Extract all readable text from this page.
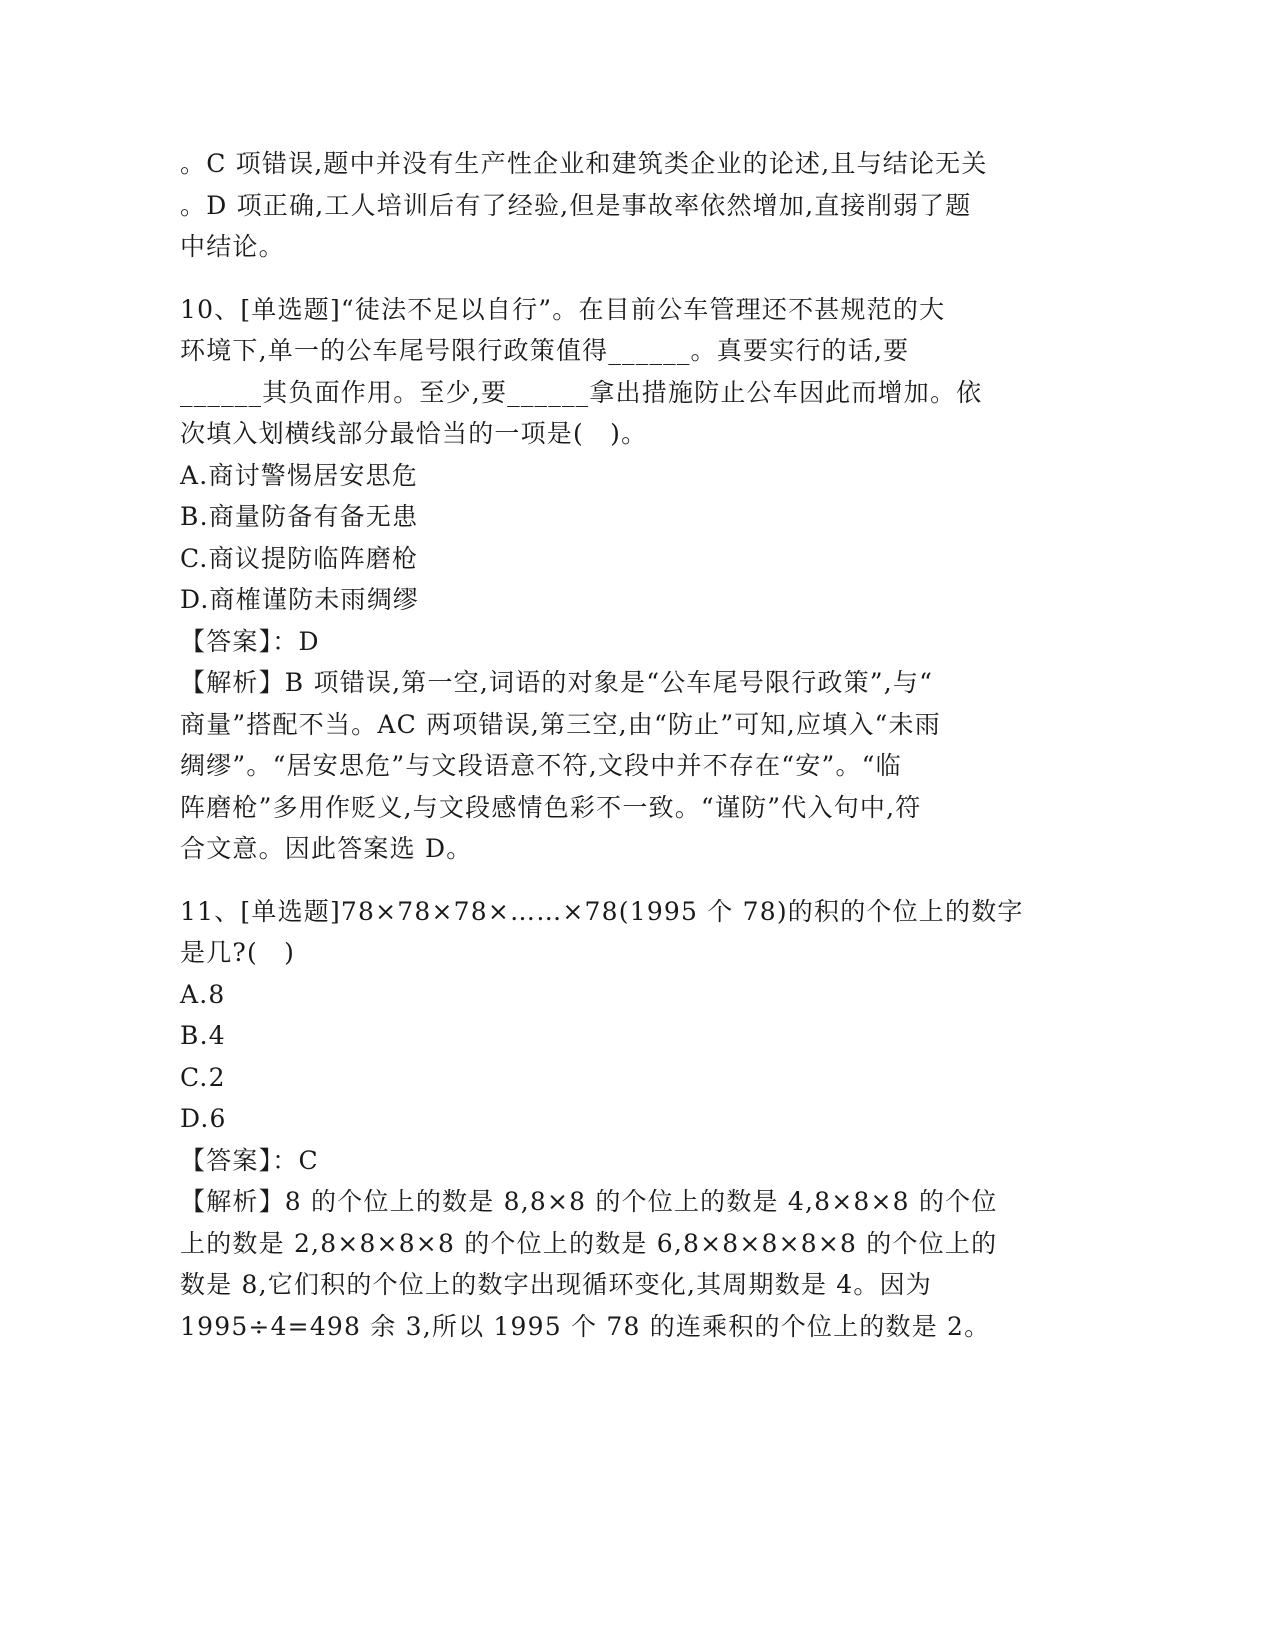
。C 项错误,题中并没有生产性企业和建筑类企业的论述,且与结论无关
。D 项正确,工人培训后有了经验,但是事故率依然增加,直接削弱了题
中结论。
10、[单选题]“徒法不足以自行”。在目前公车管理还不甚规范的大
环境下,单一的公车尾号限行政策值得______。真要实行的话,要
______其负面作用。至少,要______拿出措施防止公车因此而增加。依
次填入划横线部分最恰当的一项是(　)。
A.商讨警惕居安思危
B.商量防备有备无患
C.商议提防临阵磨枪
D.商榷谨防未雨绸缪
【答案】：D
【解析】B 项错误,第一空,词语的对象是“公车尾号限行政策”,与“
商量”搭配不当。AC 两项错误,第三空,由“防止”可知,应填入“未雨
绸缪”。“居安思危”与文段语意不符,文段中并不存在“安”。“临
阵磨枪”多用作贬义,与文段感情色彩不一致。“谨防”代入句中,符
合文意。因此答案选 D。
11、[单选题]78×78×78×……×78(1995 个 78)的积的个位上的数字
是几?(　)
A.8
B.4
C.2
D.6
【答案】：C
【解析】8 的个位上的数是 8,8×8 的个位上的数是 4,8×8×8 的个位
上的数是 2,8×8×8×8 的个位上的数是 6,8×8×8×8×8 的个位上的
数是 8,它们积的个位上的数字出现循环变化,其周期数是 4。因为
1995÷4=498 余 3,所以 1995 个 78 的连乘积的个位上的数是 2。
